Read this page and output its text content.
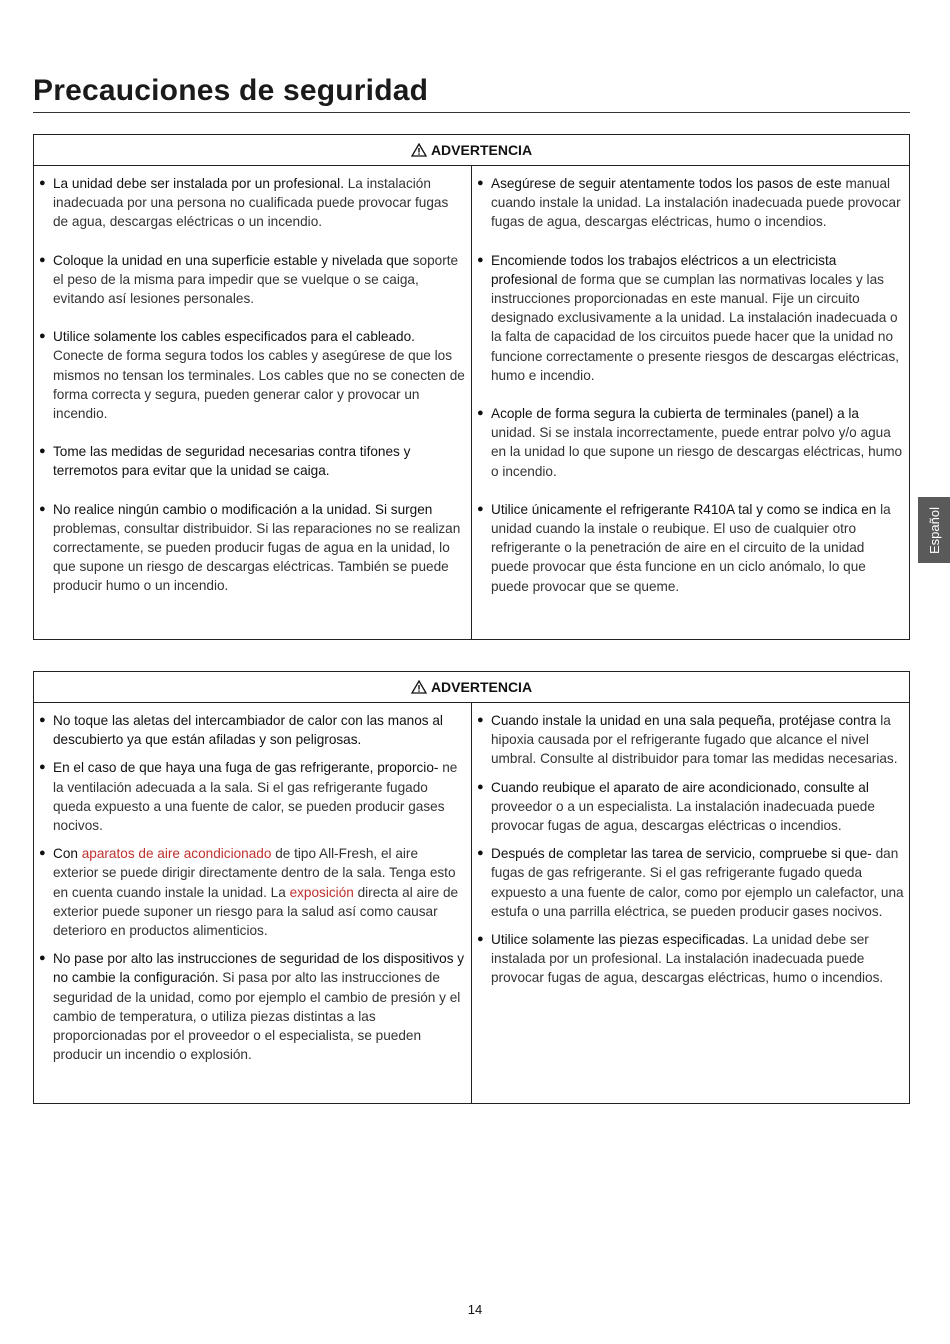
Precauciones de seguridad
ADVERTENCIA
● La unidad debe ser instalada por un profesional. La instalación inadecuada por una persona no cualificada puede provocar fugas de agua, descargas eléctricas o un incendio.
● Coloque la unidad en una superficie estable y nivelada que soporte el peso de la misma para impedir que se vuelque o se caiga, evitando así lesiones personales.
● Utilice solamente los cables especificados para el cableado. Conecte de forma segura todos los cables y asegúrese de que los mismos no tensan los terminales. Los cables que no se conecten de forma correcta y segura, pueden generar calor y provocar un incendio.
● Tome las medidas de seguridad necesarias contra tifones y terremotos para evitar que la unidad se caiga.
● No realice ningún cambio o modificación a la unidad. Si surgen problemas, consultar distribuidor. Si las reparaciones no se realizan correctamente, se pueden producir fugas de agua en la unidad, lo que supone un riesgo de descargas eléctricas. También se puede producir humo o un incendio.
● Asegúrese de seguir atentamente todos los pasos de este manual cuando instale la unidad. La instalación inadecuada puede provocar fugas de agua, descargas eléctricas, humo o incendios.
● Encomiende todos los trabajos eléctricos a un electricista profesional de forma que se cumplan las normativas locales y las instrucciones proporcionadas en este manual. Fije un circuito designado exclusivamente a la unidad. La instalación inadecuada o la falta de capacidad de los circuitos puede hacer que la unidad no funcione correctamente o presente riesgos de descargas eléctricas, humo e incendio.
● Acople de forma segura la cubierta de terminales (panel) a la unidad. Si se instala incorrectamente, puede entrar polvo y/o agua en la unidad lo que supone un riesgo de descargas eléctricas, humo o incendio.
● Utilice únicamente el refrigerante R410A tal y como se indica en la unidad cuando la instale o reubique. El uso de cualquier otro refrigerante o la penetración de aire en el circuito de la unidad puede provocar que ésta funcione en un ciclo anómalo, lo que puede provocar que se queme.
ADVERTENCIA
● No toque las aletas del intercambiador de calor con las manos al descubierto ya que están afiladas y son peligrosas.
● En el caso de que haya una fuga de gas refrigerante, proporcio- ne la ventilación adecuada a la sala. Si el gas refrigerante fugado queda expuesto a una fuente de calor, se pueden producir gases nocivos.
● Con aparatos de aire acondicionado de tipo All-Fresh, el aire exterior se puede dirigir directamente dentro de la sala. Tenga esto en cuenta cuando instale la unidad. La exposición directa al aire de exterior puede suponer un riesgo para la salud así como causar deterioro en productos alimenticios.
● No pase por alto las instrucciones de seguridad de los dispositivos y no cambie la configuración. Si pasa por alto las instrucciones de seguridad de la unidad, como por ejemplo el cambio de presión y el cambio de temperatura, o utiliza piezas distintas a las proporcionadas por el proveedor o el especialista, se pueden producir un incendio o explosión.
● Cuando instale la unidad en una sala pequeña, protéjase contra la hipoxia causada por el refrigerante fugado que alcance el nivel umbral. Consulte al distribuidor para tomar las medidas necesarias.
● Cuando reubique el aparato de aire acondicionado, consulte al proveedor o a un especialista. La instalación inadecuada puede provocar fugas de agua, descargas eléctricas o incendios.
● Después de completar las tarea de servicio, compruebe si que- dan fugas de gas refrigerante. Si el gas refrigerante fugado queda expuesto a una fuente de calor, como por ejemplo un calefactor, una estufa o una parrilla eléctrica, se pueden producir gases nocivos.
● Utilice solamente las piezas especificadas. La unidad debe ser instalada por un profesional. La instalación inadecuada puede provocar fugas de agua, descargas eléctricas, humo o incendios.
Español
14
